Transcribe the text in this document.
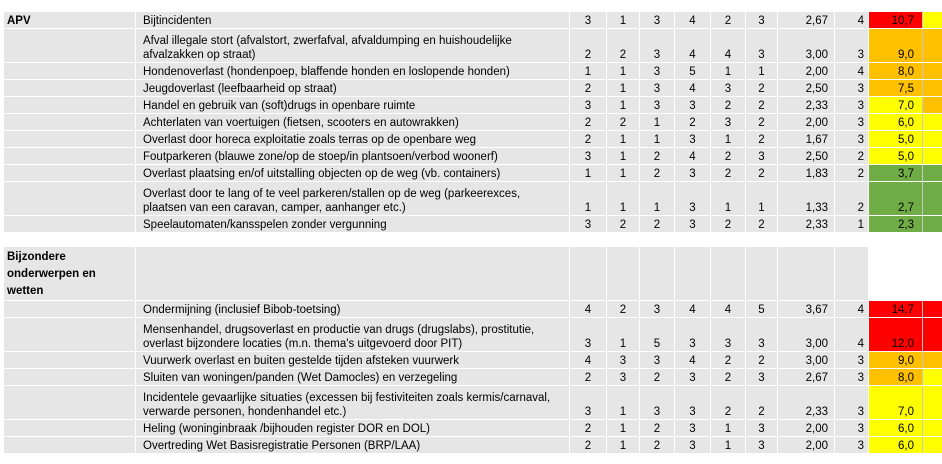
APV	Bijtincidenten	3	1	3	4	2	3	2,67	4	10,7	
	Afval illegale stort (afvalstort, zwerfafval, afvaldumping en huishoudelijke afvalzakken op straat)	2	2	3	4	4	3	3,00	3	9,0	
	Hondenoverlast (hondenpoep, blaffende honden en loslopende honden)	1	1	3	5	1	1	2,00	4	8,0	
	Jeugdoverlast (leefbaarheid op straat)	2	1	3	4	3	2	2,50	3	7,5	
	Handel en gebruik van (soft)drugs in openbare ruimte	3	1	3	3	2	2	2,33	3	7,0	
	Achterlaten van voertuigen (fietsen, scooters en autowrakken)	2	2	1	2	3	2	2,00	3	6,0	
	Overlast door horeca exploitatie zoals terras op de openbare weg	2	1	1	3	1	2	1,67	3	5,0	
	Foutparkeren (blauwe zone/op de stoep/in plantsoen/verbod woonerf)	3	1	2	4	2	3	2,50	2	5,0	
	Overlast plaatsing en/of uitstalling objecten op de weg (vb. containers)	1	1	2	3	2	2	1,83	2	3,7	
	Overlast door te lang of te veel parkeren/stallen op de weg (parkeerexces, plaatsen van een caravan, camper, aanhanger etc.)	1	1	1	3	1	1	1,33	2	2,7	
	Speelautomaten/kansspelen zonder vergunning	3	2	2	3	2	2	2,33	1	2,3	
Bijzondere onderwerpen en wetten											
	Ondermijning (inclusief Bibob-toetsing)	4	2	3	4	4	5	3,67	4	14,7	
	Mensenhandel, drugsoverlast en productie van drugs (drugslabs), prostitutie, overlast bijzondere locaties (m.n. thema's uitgevoerd door PIT)	3	1	5	3	3	3	3,00	4	12,0	
	Vuurwerk overlast en buiten gestelde tijden afsteken vuurwerk	4	3	3	4	2	2	3,00	3	9,0	
	Sluiten van woningen/panden (Wet Damocles) en verzegeling	2	3	2	3	2	3	2,67	3	8,0	
	Incidentele gevaarlijke situaties (excessen bij festiviteiten zoals kermis/carnaval, verwarde personen, hondenhandel etc.)	3	1	3	3	2	2	2,33	3	7,0	
	Heling (woninginbraak /bijhouden register DOR en DOL)	2	1	2	3	1	3	2,00	3	6,0	
	Overtreding Wet Basisregistratie Personen (BRP/LAA)	2	1	2	3	1	3	2,00	3	6,0	
